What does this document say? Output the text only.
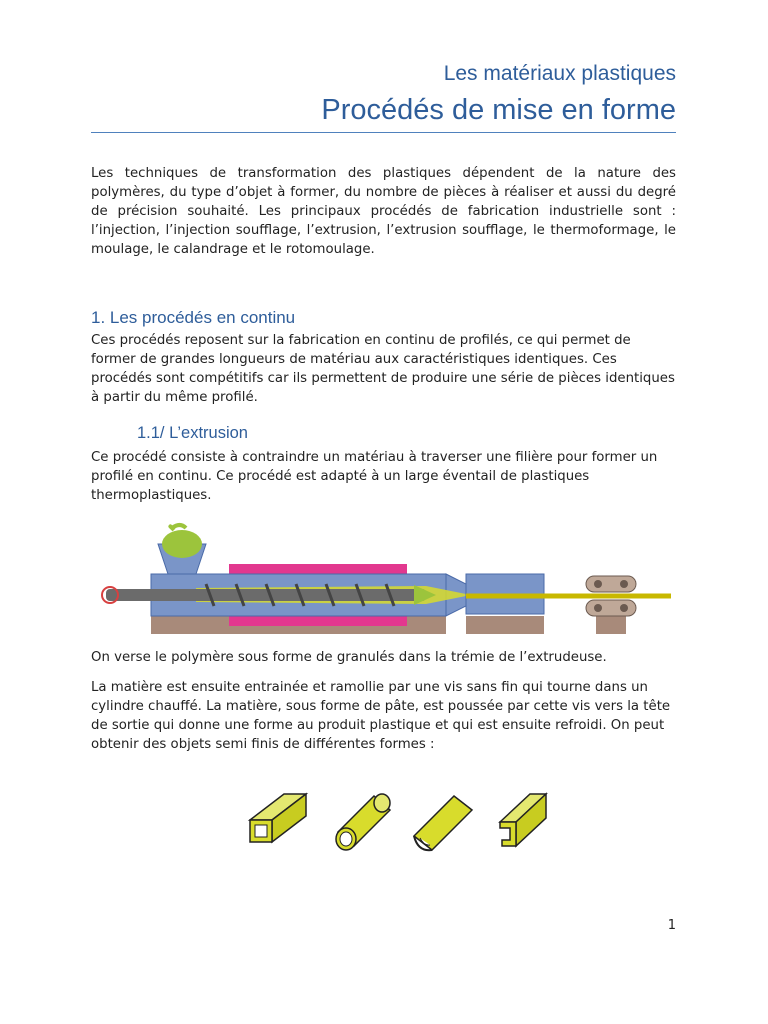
Les matériaux plastiques
Procédés de mise en forme

Les techniques de transformation des plastiques dépendent de la nature des polymères, du type d’objet à former, du nombre de pièces à réaliser et aussi du degré de précision souhaité. Les principaux procédés de fabrication industrielle sont : l’injection, l’injection soufflage, l’extrusion, l’extrusion soufflage, le thermoformage, le moulage, le calandrage et le rotomoulage.

1. Les procédés en continu

Ces procédés reposent sur la fabrication en continu de profilés, ce qui permet de former de grandes longueurs de matériau aux caractéristiques identiques. Ces procédés sont compétitifs car ils permettent de produire une série de pièces identiques à partir du même profilé.

1.1/ L’extrusion

Ce procédé consiste à contraindre un matériau à traverser une filière pour former un profilé en continu. Ce procédé est adapté à un large éventail de plastiques thermoplastiques.

On verse le polymère sous forme de granulés dans la trémie de l’extrudeuse.

La matière est ensuite entrainée et ramollie par une vis sans fin qui tourne dans un cylindre chauffé. La matière, sous forme de pâte, est poussée par cette vis vers la tête de sortie qui donne une forme au produit plastique et qui est ensuite refroidi. On peut obtenir des objets semi finis de différentes formes :

1
